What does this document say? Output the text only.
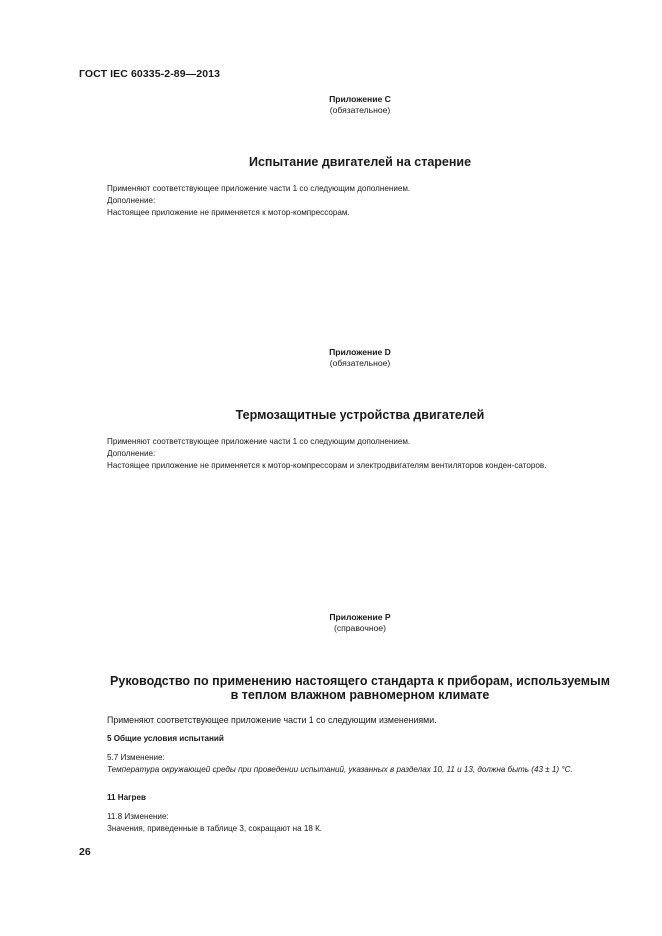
ГОСТ IEC 60335-2-89—2013
Приложение С
(обязательное)
Испытание двигателей на старение

Применяют соответствующее приложение части 1 со следующим дополнением.

Дополнение:

Настоящее приложение не применяется к мотор-компрессорам.

Приложение D
(обязательное)
Термозащитные устройства двигателей

Применяют соответствующее приложение части 1 со следующим дополнением.

Дополнение:

Настоящее приложение не применяется к мотор-компрессорам и электродвигателям вентиляторов конден-саторов.

Приложение Р
(справочное)
Руководство по применению настоящего стандарта к приборам, используемым
в теплом влажном равномерном климате

Применяют соответствующее приложение части 1 со следующим изменениями.

5 Общие условия испытаний

5.7 Изменение:

Температура окружающей среды при проведении испытаний, указанных в разделах 10, 11 и 13, должна быть (43 ± 1) °С.

11 Нагрев

11.8 Изменение:

Значения, приведенные в таблице 3, сокращают на 18 К.

26
